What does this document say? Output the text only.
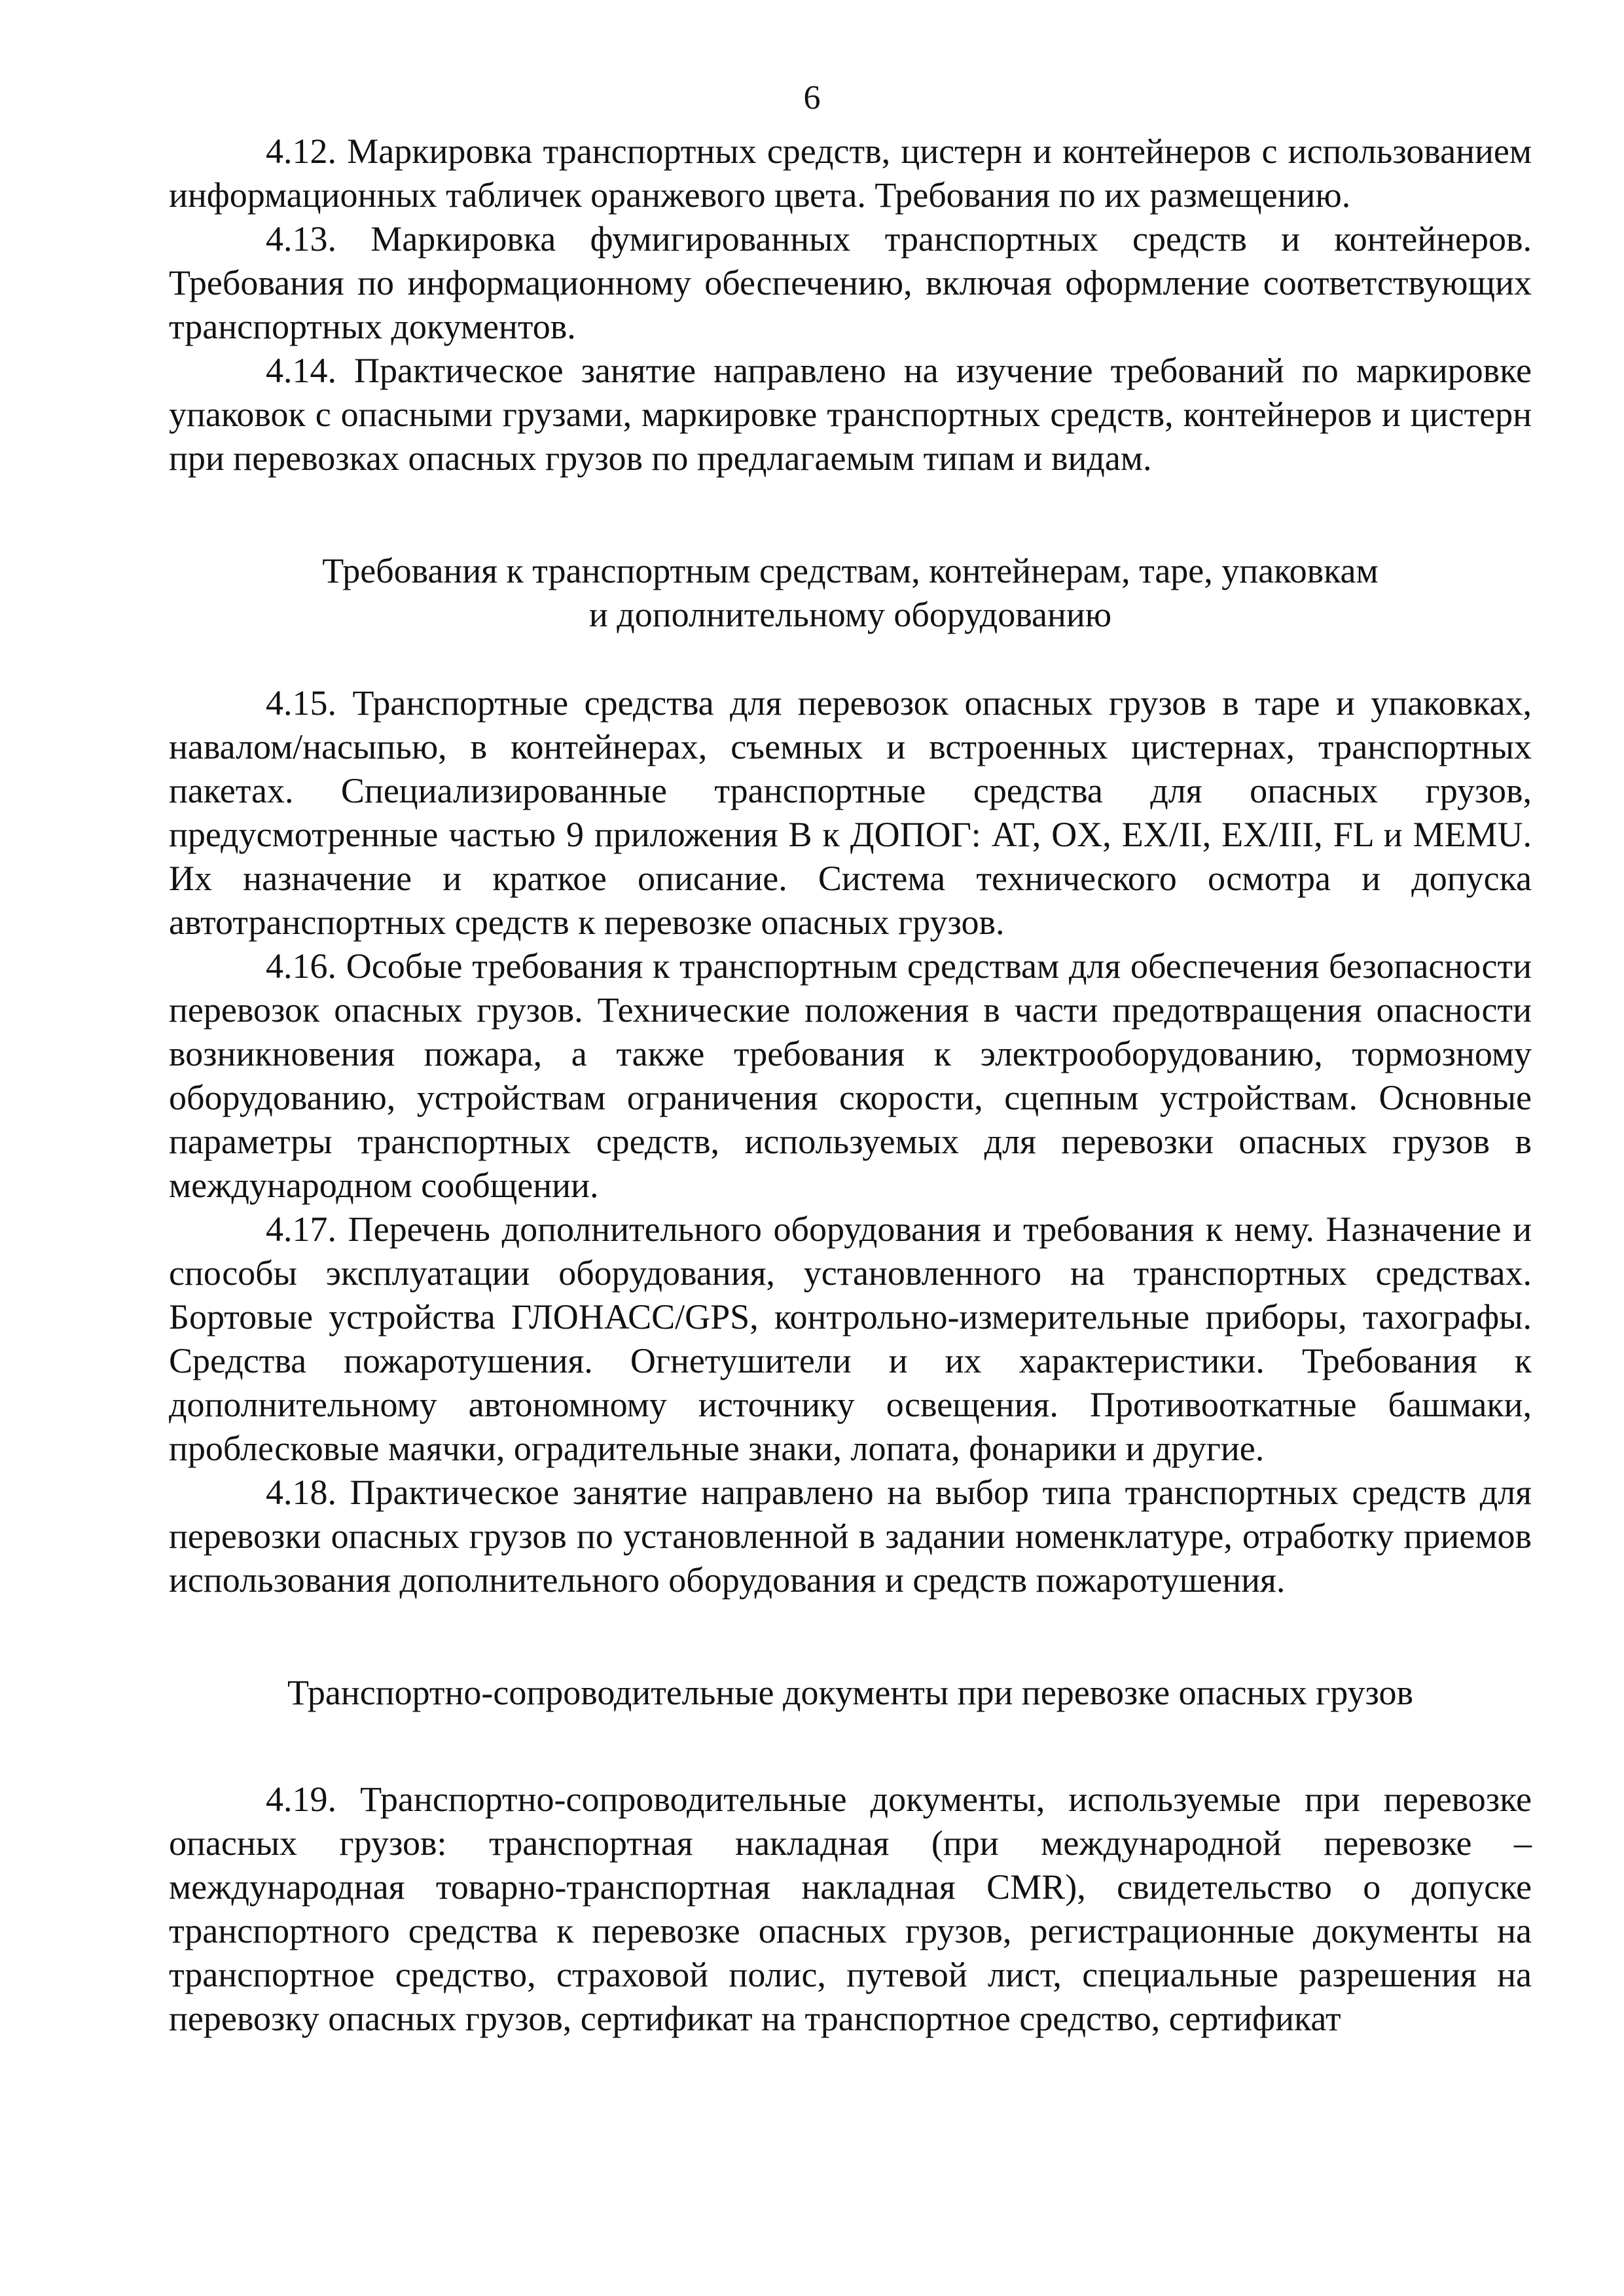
6

4.12. Маркировка транспортных средств, цистерн и контейнеров с использованием информационных табличек оранжевого цвета. Требования по их размещению.

4.13. Маркировка фумигированных транспортных средств и контейнеров. Требования по информационному обеспечению, включая оформление соответствующих транспортных документов.

4.14. Практическое занятие направлено на изучение требований по маркировке упаковок с опасными грузами, маркировке транспортных средств, контейнеров и цистерн при перевозках опасных грузов по предлагаемым типам и видам.

Требования к транспортным средствам, контейнерам, таре, упаковкам
и дополнительному оборудованию

4.15. Транспортные средства для перевозок опасных грузов в таре и упаковках, навалом/насыпью, в контейнерах, съемных и встроенных цистернах, транспортных пакетах. Специализированные транспортные средства для опасных грузов, предусмотренные частью 9 приложения В к ДОПОГ: AT, OX, EX/II, EX/III, FL и MEMU. Их назначение и краткое описание. Система технического осмотра и допуска автотранспортных средств к перевозке опасных грузов.

4.16. Особые требования к транспортным средствам для обеспечения безопасности перевозок опасных грузов. Технические положения в части предотвращения опасности возникновения пожара, а также требования к электрооборудованию, тормозному оборудованию, устройствам ограничения скорости, сцепным устройствам. Основные параметры транспортных средств, используемых для перевозки опасных грузов в международном сообщении.

4.17. Перечень дополнительного оборудования и требования к нему. Назначение и способы эксплуатации оборудования, установленного на транспортных средствах. Бортовые устройства ГЛОНАСС/GPS, контрольно-измерительные приборы, тахографы. Средства пожаротушения. Огнетушители и их характеристики. Требования к дополнительному автономному источнику освещения. Противооткатные башмаки, проблесковые маячки, оградительные знаки, лопата, фонарики и другие.

4.18. Практическое занятие направлено на выбор типа транспортных средств для перевозки опасных грузов по установленной в задании номенклатуре, отработку приемов использования дополнительного оборудования и средств пожаротушения.

Транспортно-сопроводительные документы при перевозке опасных грузов

4.19. Транспортно-сопроводительные документы, используемые при перевозке опасных грузов: транспортная накладная (при международной перевозке – международная товарно-транспортная накладная CMR), свидетельство о допуске транспортного средства к перевозке опасных грузов, регистрационные документы на транспортное средство, страховой полис, путевой лист, специальные разрешения на перевозку опасных грузов, сертификат на транспортное средство, сертификат
